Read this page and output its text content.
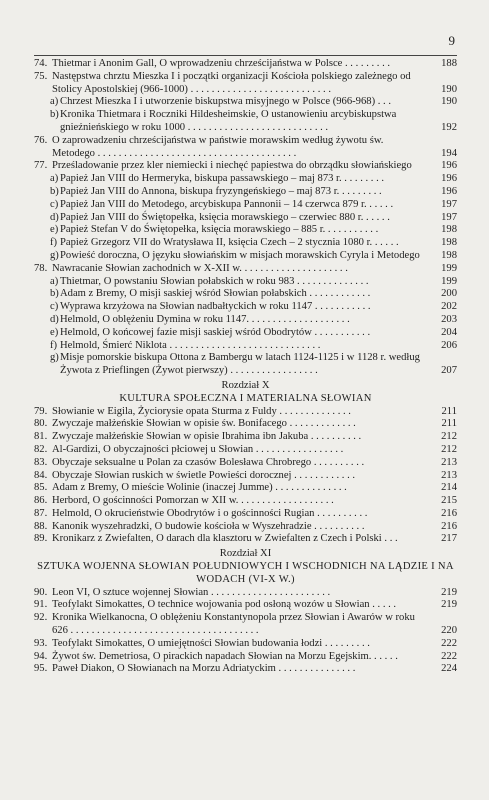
9
74. Thietmar i Anonim Gall, O wprowadzeniu chrześcijaństwa w Polsce . . . . . . . . .	188
75. Następstwa chrztu Mieszka I i początki organizacji Kościoła polskiego zależnego od Stolicy Apostolskiej (966-1000) . . . . . . . . . . . . . . . . . . . . . . . . . . .	190
a) Chrzest Mieszka I i utworzenie biskupstwa misyjnego w Polsce (966-968) . . .	190
b) Kronika Thietmara i Roczniki Hildesheimskie, O ustanowieniu arcybiskupstwa gnieźnieńskiego w roku 1000 . . . . . . . . . . . . . . . . . . . . . . . . . . .	192
76. O zaprowadzeniu chrześcijaństwa w państwie morawskim według żywotu św. Metodego . . . . . . . . . . . . . . . . . . . . . . . . . . . . . . . . . . . . . .	194
77. Prześladowanie przez kler niemiecki i niechęć papiestwa do obrządku słowiańskiego	196
a) Papież Jan VIII do Hermeryka, biskupa passawskiego – maj 873 r. . . . . . . . .	196
b) Papież Jan VIII do Annona, biskupa fryzyngeńskiego – maj 873 r. . . . . . . . .	196
c) Papież Jan VIII do Metodego, arcybiskupa Pannonii – 14 czerwca 879 r. . . . . .	197
d) Papież Jan VIII do Świętopełka, księcia morawskiego – czerwiec 880 r. . . . . .	197
e) Papież Stefan V do Świętopełka, księcia morawskiego – 885 r. . . . . . . . . . .	198
f) Papież Grzegorz VII do Wratysława II, księcia Czech – 2 stycznia 1080 r. . . . . .	198
g) Powieść doroczna, O języku słowiańskim w misjach morawskich Cyryla i Metodego	198
78. Nawracanie Słowian zachodnich w X-XII w. . . . . . . . . . . . . . . . . . . . .	199
a) Thietmar, O powstaniu Słowian połabskich w roku 983 . . . . . . . . . . . . . .	199
b) Adam z Bremy, O misji saskiej wśród Słowian połabskich . . . . . . . . . . . .	200
c) Wyprawa krzyżowa na Słowian nadbałtyckich w roku 1147 . . . . . . . . . . .	202
d) Helmold, O oblężeniu Dymina w roku 1147. . . . . . . . . . . . . . . . . . . .	203
e) Helmold, O końcowej fazie misji saskiej wśród Obodrytów . . . . . . . . . . .	204
f) Helmold, Śmierć Niklota . . . . . . . . . . . . . . . . . . . . . . . . . . . . .	206
g) Misje pomorskie biskupa Ottona z Bambergu w latach 1124-1125 i w 1128 r. według Żywota z Prieflingen (Żywot pierwszy) . . . . . . . . . . . . . . . . .	207
Rozdział X
KULTURA SPOŁECZNA I MATERIALNA SŁOWIAN
79. Słowianie w Eigila, Życiorysie opata Sturma z Fuldy . . . . . . . . . . . . . .	211
80. Zwyczaje małżeńskie Słowian w opisie św. Bonifacego . . . . . . . . . . . . .	211
81. Zwyczaje małżeńskie Słowian w opisie Ibrahima ibn Jakuba . . . . . . . . . .	212
82. Al-Gardizi, O obyczajności płciowej u Słowian . . . . . . . . . . . . . . . . .	212
83. Obyczaje seksualne u Polan za czasów Bolesława Chrobrego . . . . . . . . . .	213
84. Obyczaje Słowian ruskich w świetle Powieści dorocznej . . . . . . . . . . . .	213
85. Adam z Bremy, O mieście Wolinie (inaczej Jumme) . . . . . . . . . . . . . .	214
86. Herbord, O gościnności Pomorzan w XII w. . . . . . . . . . . . . . . . . . .	215
87. Helmold, O okrucieństwie Obodrytów i o gościnności Rugian . . . . . . . . . .	216
88. Kanonik wyszehradzki, O budowie kościoła w Wyszehradzie . . . . . . . . . .	216
89. Kronikarz z Zwiefalten, O darach dla klasztoru w Zwiefalten z Czech i Polski . . .	217
Rozdział XI
SZTUKA WOJENNA SŁOWIAN POŁUDNIOWYCH I WSCHODNICH NA LĄDZIE I NA WODACH (VI-X W.)
90. Leon VI, O sztuce wojennej Słowian . . . . . . . . . . . . . . . . . . . . . . .	219
91. Teofylakt Simokattes, O technice wojowania pod osłoną wozów u Słowian . . . . .	219
92. Kronika Wielkanocna, O oblężeniu Konstantynopola przez Słowian i Awarów w roku 626 . . . . . . . . . . . . . . . . . . . . . . . . . . . . . . . . . . . .	220
93. Teofylakt Simokattes, O umiejętności Słowian budowania łodzi . . . . . . . . .	222
94. Żywot św. Demetriosa, O pirackich napadach Słowian na Morzu Egejskim. . . . . .	222
95. Paweł Diakon, O Słowianach na Morzu Adriatyckim . . . . . . . . . . . . . . .	224
